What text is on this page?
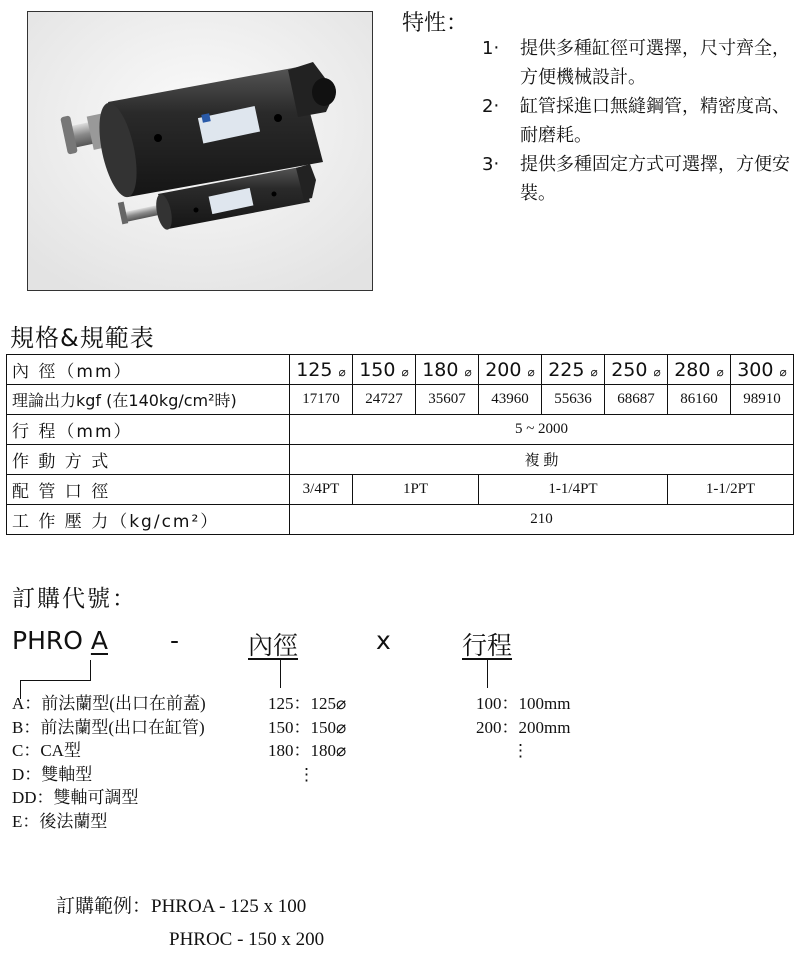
特性：
1‧	提供多種缸徑可選擇，尺寸齊全，方便機械設計。
2‧	缸管採進口無縫鋼管，精密度高、耐磨耗。
3‧	提供多種固定方式可選擇，方便安裝。
規格&規範表
內 徑（mm）	125 ⌀	150 ⌀	180 ⌀	200 ⌀	225 ⌀	250 ⌀	280 ⌀	300 ⌀
理論出力kgf (在140kg/cm²時)	17170	24727	35607	43960	55636	68687	86160	98910
行 程（mm）	5 ~ 2000							
作 動 方 式	複 動							
配 管 口 徑	3/4PT	1PT		1-1/4PT			1-1/2PT	
工 作 壓 力（kg/cm²）	210							
訂購代號：
PHRO A -	內徑	x	行程
A：前法蘭型(出口在前蓋)
B：前法蘭型(出口在缸管)
C：CA型
D：雙軸型
DD：雙軸可調型
E：後法蘭型
125：125⌀
150：150⌀
180：180⌀
⋮
100：100mm
200：200mm
⋮
訂購範例：PHROA - 125 x 100
PHROC - 150 x 200
